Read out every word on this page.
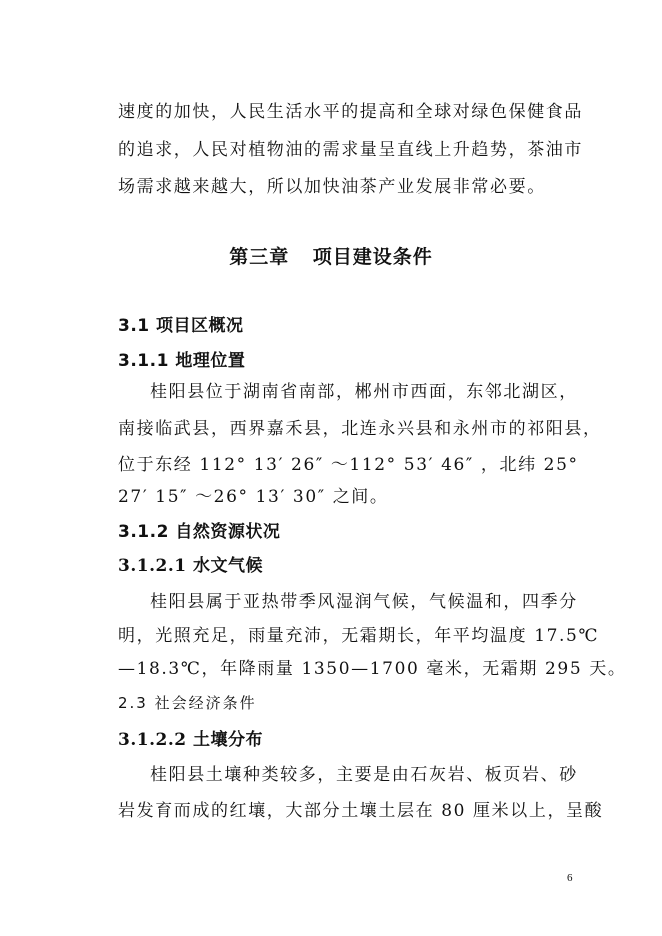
速度的加快，人民生活水平的提高和全球对绿色保健食品
的追求，人民对植物油的需求量呈直线上升趋势，茶油市
场需求越来越大，所以加快油茶产业发展非常必要。
第三章 项目建设条件
3.1 项目区概况
3.1.1 地理位置
桂阳县位于湖南省南部，郴州市西面，东邻北湖区，
南接临武县，西界嘉禾县，北连永兴县和永州市的祁阳县，
位于东经 112° 13′ 26″ ～112° 53′ 46″ ，北纬 25°
27′ 15″ ～26° 13′ 30″ 之间。
3.1.2 自然资源状况
3.1.2.1 水文气候
桂阳县属于亚热带季风湿润气候，气候温和，四季分
明，光照充足，雨量充沛，无霜期长，年平均温度 17.5℃
—18.3℃，年降雨量 1350—1700 毫米，无霜期 295 天。
2.3 社会经济条件
3.1.2.2 土壤分布
桂阳县土壤种类较多，主要是由石灰岩、板页岩、砂
岩发育而成的红壤，大部分土壤土层在 80 厘米以上，呈酸
6
